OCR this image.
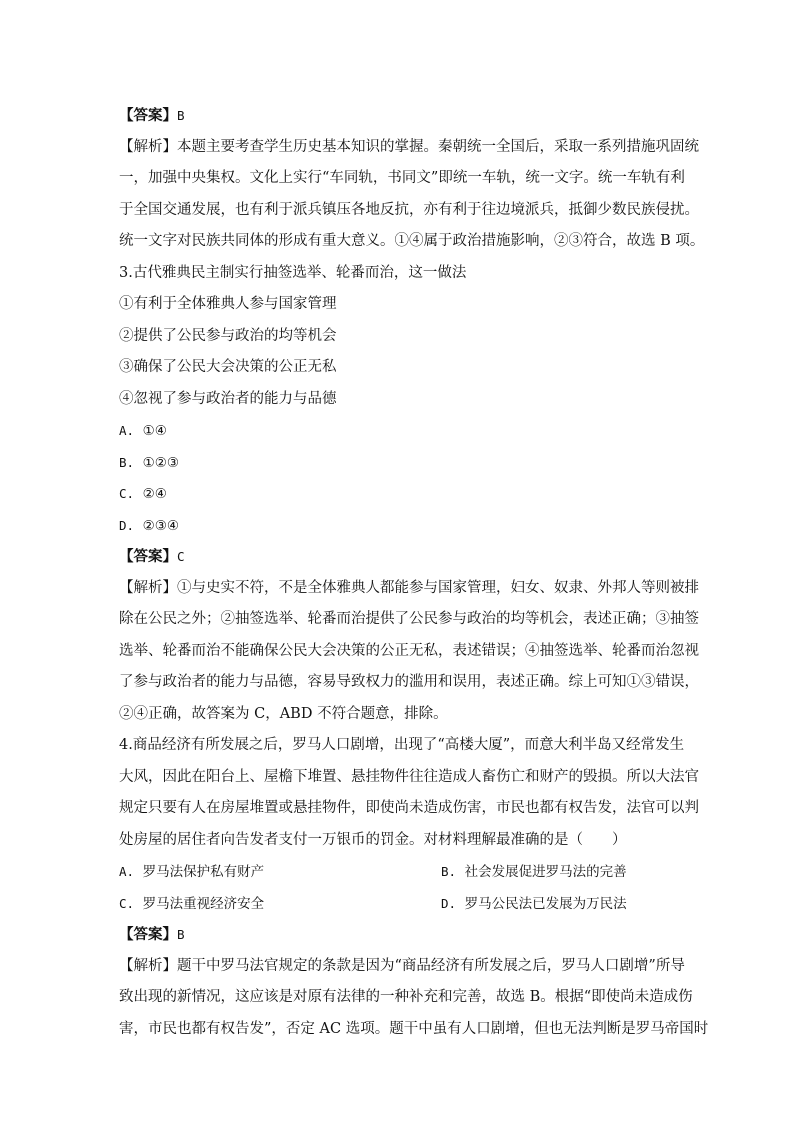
【答案】B
【解析】本题主要考查学生历史基本知识的掌握。秦朝统一全国后，采取一系列措施巩固统
一，加强中央集权。文化上实行“车同轨，书同文”即统一车轨，统一文字。统一车轨有利
于全国交通发展，也有利于派兵镇压各地反抗，亦有利于往边境派兵，抵御少数民族侵扰。
统一文字对民族共同体的形成有重大意义。①④属于政治措施影响，②③符合，故选 B 项。
3.古代雅典民主制实行抽签选举、轮番而治，这一做法
①有利于全体雅典人参与国家管理
②提供了公民参与政治的均等机会
③确保了公民大会决策的公正无私
④忽视了参与政治者的能力与品德
A. ①④
B. ①②③
C. ②④
D. ②③④
【答案】C
【解析】①与史实不符，不是全体雅典人都能参与国家管理，妇女、奴隶、外邦人等则被排
除在公民之外；②抽签选举、轮番而治提供了公民参与政治的均等机会，表述正确；③抽签
选举、轮番而治不能确保公民大会决策的公正无私，表述错误；④抽签选举、轮番而治忽视
了参与政治者的能力与品德，容易导致权力的滥用和误用，表述正确。综上可知①③错误，
②④正确，故答案为 C，ABD 不符合题意，排除。
4.商品经济有所发展之后，罗马人口剧增，出现了“高楼大厦”，而意大利半岛又经常发生
大风，因此在阳台上、屋檐下堆置、悬挂物件往往造成人畜伤亡和财产的毁损。所以大法官
规定只要有人在房屋堆置或悬挂物件，即使尚未造成伤害，市民也都有权告发，法官可以判
处房屋的居住者向告发者支付一万银币的罚金。对材料理解最准确的是（　　）
A. 罗马法保护私有财产	B. 社会发展促进罗马法的完善
C. 罗马法重视经济安全	D. 罗马公民法已发展为万民法
【答案】B
【解析】题干中罗马法官规定的条款是因为“商品经济有所发展之后，罗马人口剧增”所导
致出现的新情况，这应该是对原有法律的一种补充和完善，故选 B。根据“即使尚未造成伤
害，市民也都有权告发”，否定 AC 选项。题干中虽有人口剧增，但也无法判断是罗马帝国时
